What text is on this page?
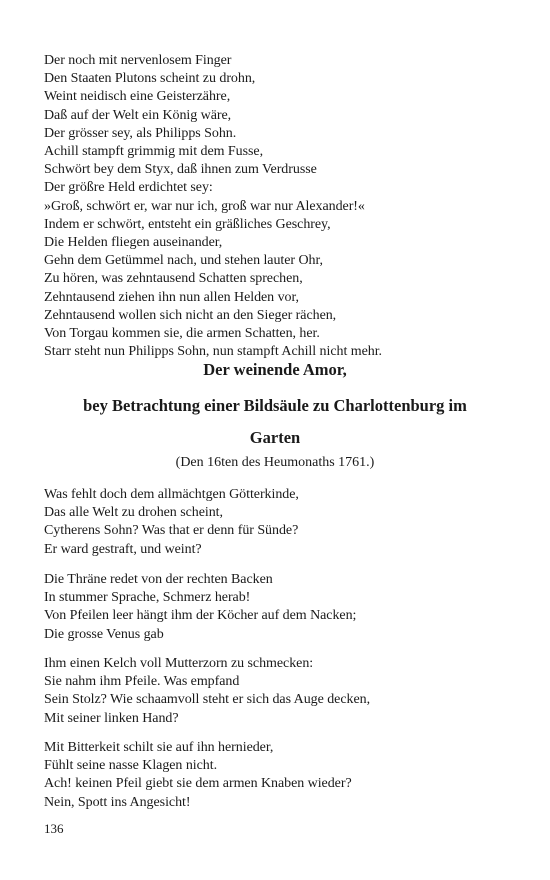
Der noch mit nervenlosem Finger
Den Staaten Plutons scheint zu drohn,
Weint neidisch eine Geisterzähre,
Daß auf der Welt ein König wäre,
Der grösser sey, als Philipps Sohn.
Achill stampft grimmig mit dem Fusse,
Schwört bey dem Styx, daß ihnen zum Verdrusse
Der größre Held erdichtet sey:
»Groß, schwört er, war nur ich, groß war nur Alexander!«
Indem er schwört, entsteht ein gräßliches Geschrey,
Die Helden fliegen auseinander,
Gehn dem Getümmel nach, und stehen lauter Ohr,
Zu hören, was zehntausend Schatten sprechen,
Zehntausend ziehen ihn nun allen Helden vor,
Zehntausend wollen sich nicht an den Sieger rächen,
Von Torgau kommen sie, die armen Schatten, her.
Starr steht nun Philipps Sohn, nun stampft Achill nicht mehr.
Der weinende Amor,
bey Betrachtung einer Bildsäule zu Charlottenburg im
Garten
(Den 16ten des Heumonaths 1761.)
Was fehlt doch dem allmächtgen Götterkinde,
Das alle Welt zu drohen scheint,
Cytherens Sohn? Was that er denn für Sünde?
Er ward gestraft, und weint?
Die Thräne redet von der rechten Backen
In stummer Sprache, Schmerz herab!
Von Pfeilen leer hängt ihm der Köcher auf dem Nacken;
Die grosse Venus gab
Ihm einen Kelch voll Mutterzorn zu schmecken:
Sie nahm ihm Pfeile. Was empfand
Sein Stolz? Wie schaamvoll steht er sich das Auge decken,
Mit seiner linken Hand?
Mit Bitterkeit schilt sie auf ihn hernieder,
Fühlt seine nasse Klagen nicht.
Ach! keinen Pfeil giebt sie dem armen Knaben wieder?
Nein, Spott ins Angesicht!
136
